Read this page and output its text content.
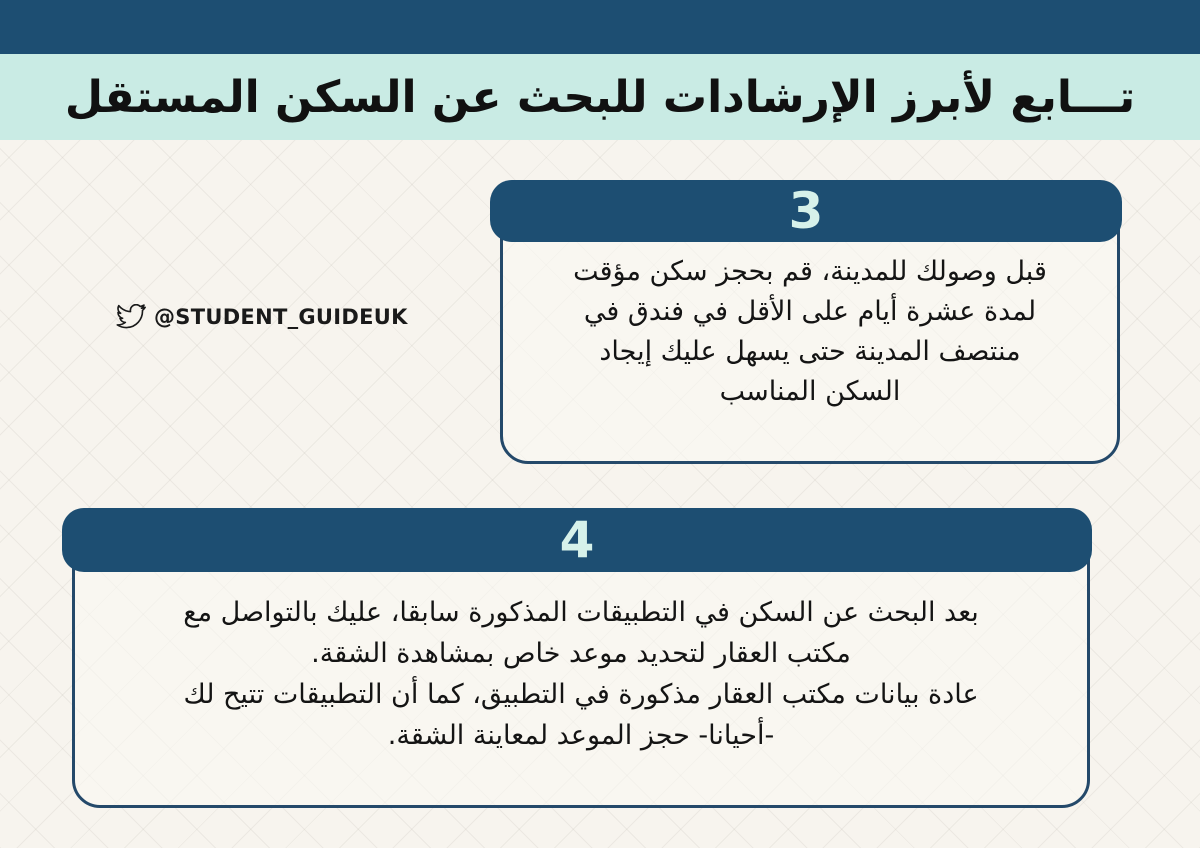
تـــابع لأبرز الإرشادات للبحث عن السكن المستقل
@STUDENT_GUIDEUK
3
قبل وصولك للمدينة، قم بحجز سكن مؤقت
لمدة عشرة أيام على الأقل في فندق في
منتصف المدينة حتى يسهل عليك إيجاد
السكن المناسب
4
بعد البحث عن السكن في التطبيقات المذكورة سابقا، عليك بالتواصل مع
مكتب العقار لتحديد موعد خاص بمشاهدة الشقة.
عادة بيانات مكتب العقار مذكورة في التطبيق، كما أن التطبيقات تتيح لك
-أحيانا- حجز الموعد لمعاينة الشقة.
